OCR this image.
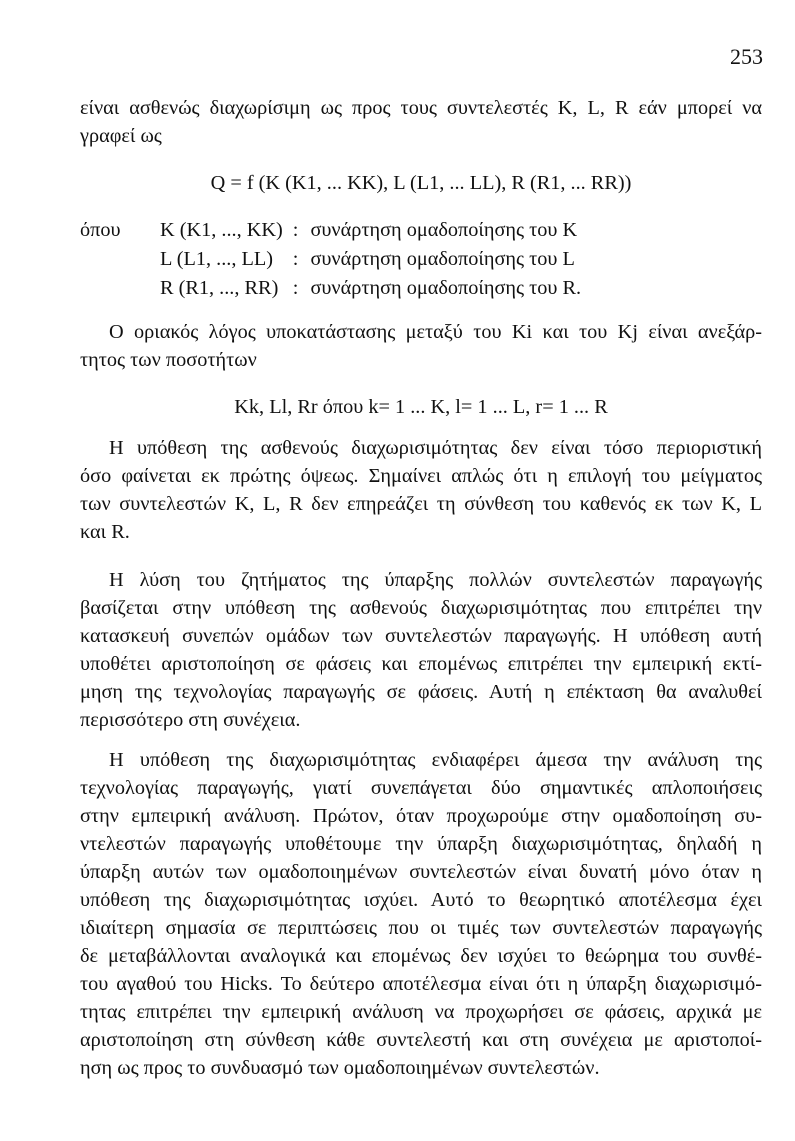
253
είναι ασθενώς διαχωρίσιμη ως προς τους συντελεστές K, L, R εάν μπορεί να
γραφεί ως
Q = f (K (K1, ... KK), L (L1, ... LL), R (R1, ... RR))
όπου	K (K1, ..., KK)	:	συνάρτηση ομαδοποίησης του K
	L (L1, ..., LL)	:	συνάρτηση ομαδοποίησης του L
	R (R1, ..., RR)	:	συνάρτηση ομαδοποίησης του R.
Ο οριακός λόγος υποκατάστασης μεταξύ του Ki και του Kj είναι ανεξάρ-
τητος των ποσοτήτων
Kk, Ll, Rr όπου k= 1 ... K, l= 1 ... L, r= 1 ... R
Η υπόθεση της ασθενούς διαχωρισιμότητας δεν είναι τόσο περιοριστική
όσο φαίνεται εκ πρώτης όψεως. Σημαίνει απλώς ότι η επιλογή του μείγματος
των συντελεστών K, L, R δεν επηρεάζει τη σύνθεση του καθενός εκ των K, L
και R.
Η λύση του ζητήματος της ύπαρξης πολλών συντελεστών παραγωγής
βασίζεται στην υπόθεση της ασθενούς διαχωρισιμότητας που επιτρέπει την
κατασκευή συνεπών ομάδων των συντελεστών παραγωγής. Η υπόθεση αυτή
υποθέτει αριστοποίηση σε φάσεις και επομένως επιτρέπει την εμπειρική εκτί-
μηση της τεχνολογίας παραγωγής σε φάσεις. Αυτή η επέκταση θα αναλυθεί
περισσότερο στη συνέχεια.
Η υπόθεση της διαχωρισιμότητας ενδιαφέρει άμεσα την ανάλυση της
τεχνολογίας παραγωγής, γιατί συνεπάγεται δύο σημαντικές απλοποιήσεις
στην εμπειρική ανάλυση. Πρώτον, όταν προχωρούμε στην ομαδοποίηση συ-
ντελεστών παραγωγής υποθέτουμε την ύπαρξη διαχωρισιμότητας, δηλαδή η
ύπαρξη αυτών των ομαδοποιημένων συντελεστών είναι δυνατή μόνο όταν η
υπόθεση της διαχωρισιμότητας ισχύει. Αυτό το θεωρητικό αποτέλεσμα έχει
ιδιαίτερη σημασία σε περιπτώσεις που οι τιμές των συντελεστών παραγωγής
δε μεταβάλλονται αναλογικά και επομένως δεν ισχύει το θεώρημα του συνθέ-
του αγαθού του Hicks. Το δεύτερο αποτέλεσμα είναι ότι η ύπαρξη διαχωρισιμό-
τητας επιτρέπει την εμπειρική ανάλυση να προχωρήσει σε φάσεις, αρχικά με
αριστοποίηση στη σύνθεση κάθε συντελεστή και στη συνέχεια με αριστοποί-
ηση ως προς το συνδυασμό των ομαδοποιημένων συντελεστών.
